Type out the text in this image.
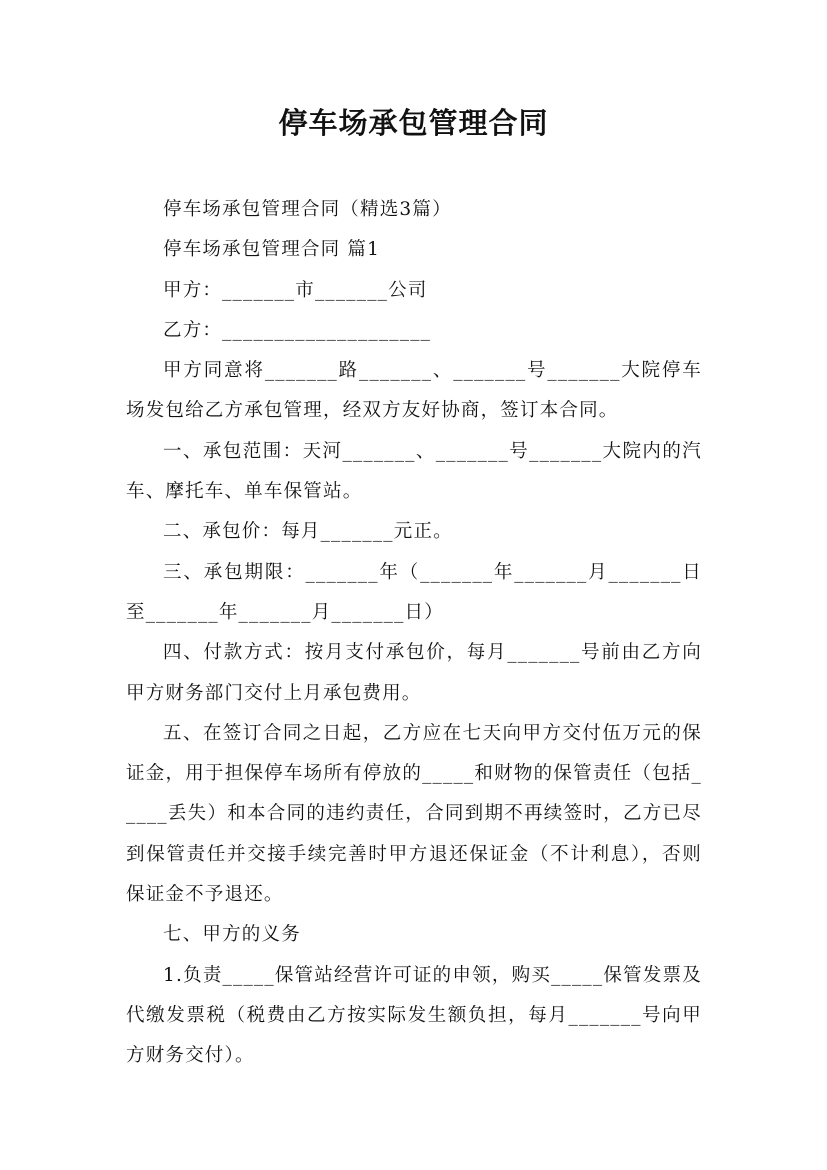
停车场承包管理合同

停车场承包管理合同（精选3篇）

停车场承包管理合同 篇1

甲方：_______市_______公司

乙方：____________________

甲方同意将_______路_______、_______号_______大院停车场发包给乙方承包管理，经双方友好协商，签订本合同。

一、承包范围：天河_______、_______号_______大院内的汽车、摩托车、单车保管站。

二、承包价：每月_______元正。

三、承包期限：_______年（_______年_______月_______日至_______年_______月_______日）

四、付款方式：按月支付承包价，每月_______号前由乙方向甲方财务部门交付上月承包费用。

五、在签订合同之日起，乙方应在七天向甲方交付伍万元的保证金，用于担保停车场所有停放的_____和财物的保管责任（包括_____丢失）和本合同的违约责任，合同到期不再续签时，乙方已尽到保管责任并交接手续完善时甲方退还保证金（不计利息），否则保证金不予退还。

七、甲方的义务

1.负责_____保管站经营许可证的申领，购买_____保管发票及代缴发票税（税费由乙方按实际发生额负担，每月_______号向甲方财务交付）。
